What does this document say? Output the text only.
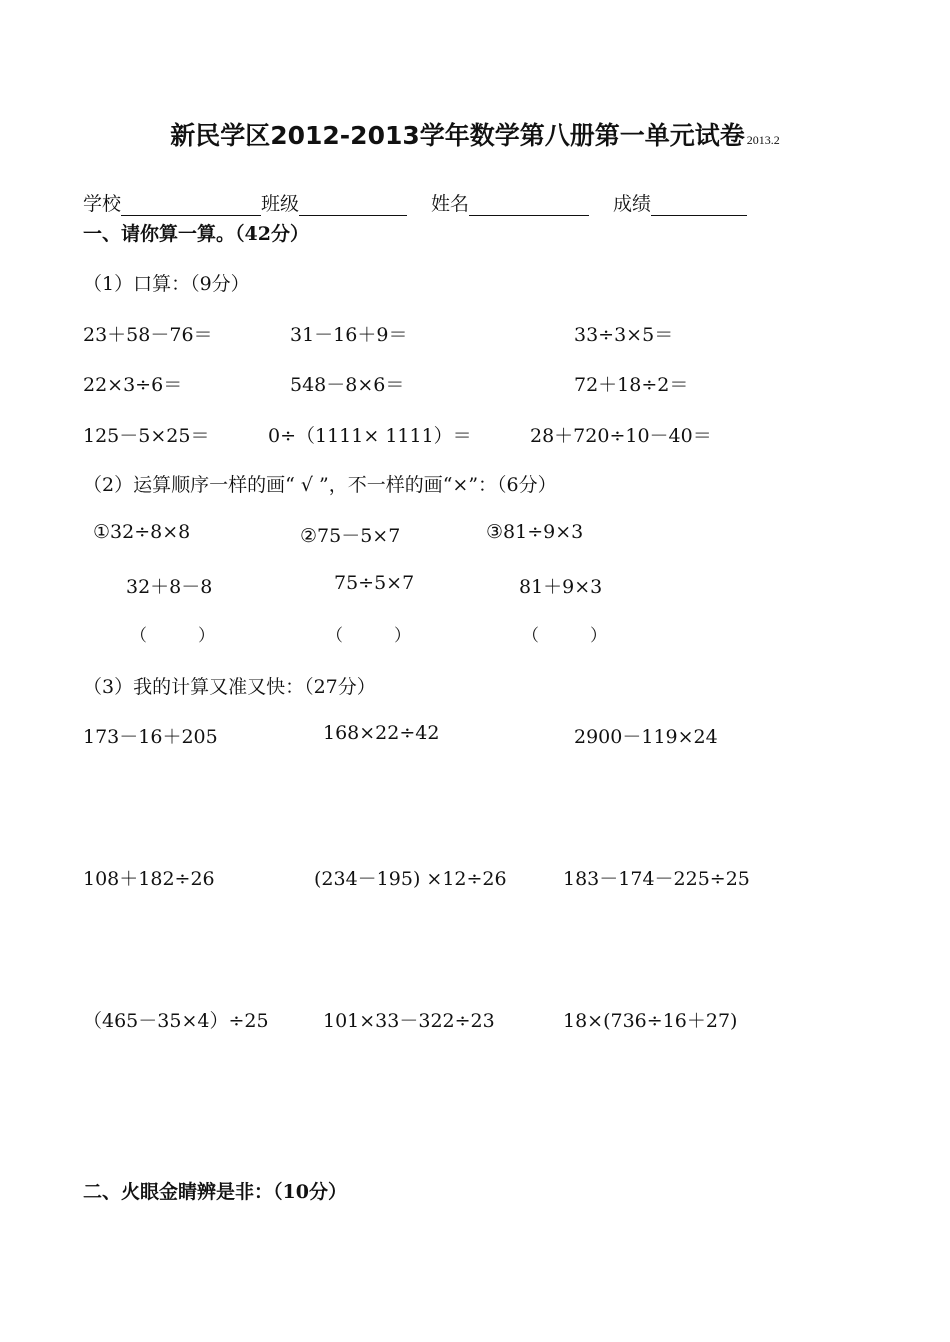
新民学区2012-2013学年数学第八册第一单元试卷 2013.2
学校	班级	姓名	成绩
一、请你算一算。（42分）
（1）口算：（9分）
23＋58－76＝	31－16＋9＝	33÷3×5＝
22×3÷6＝	548－8×6＝	72＋18÷2＝
125－5×25＝	0÷（1111× 1111）＝	28＋720÷10－40＝
（2）运算顺序一样的画“ √ ”，不一样的画“×”：（6分）
①32÷8×8	②75－5×7	③81÷9×3
32＋8－8	75÷5×7	81＋9×3
（　　　）	（　　　）	（　　　）
（3）我的计算又准又快：（27分）
173－16＋205	168×22÷42	2900－119×24
108＋182÷26	(234－195) ×12÷26	183－174－225÷25
（465－35×4）÷25	101×33－322÷23	18×(736÷16＋27)
二、火眼金睛辨是非：（10分）
